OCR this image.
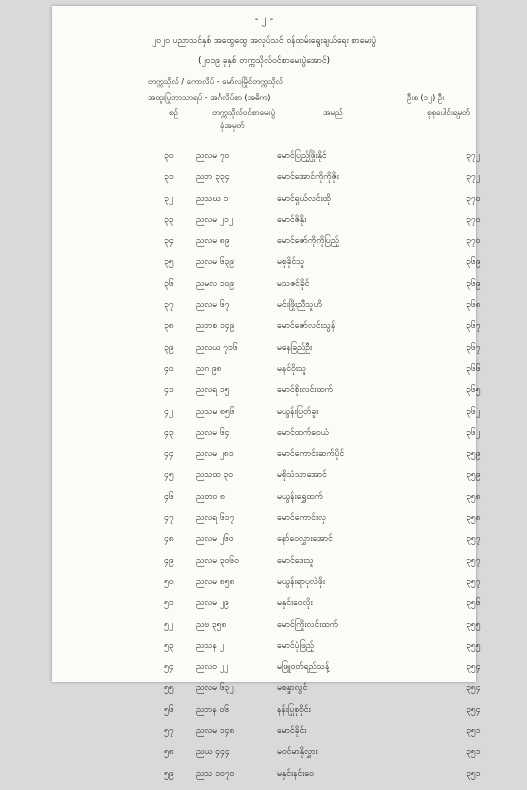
- ၂ -
၂၀၂၀ ပညာသင်နှစ် အထွေထွေ အလုပ်သင် ဝန်ထမ်းရွေးချယ်ရေး စာမေးပွဲ
(၂၀၁၉ ခုနှစ် တက္ကသိုလ်ဝင်စာမေးပွဲအောင်)
တက္ကသိုလ် / ကောလိပ် - မော်လမြိုင်တက္ကသိုလ်
အထူးပြုဘာသာရပ် - အင်္ဂလိပ်စာ (အဓိက)	ဦးစ (၁၂) ဦး
စဉ်	တက္ကသိုလ်ဝင်စာမေးပွဲ
ခုံအမှတ်
အမည်	စုစုပေါင်းရမှတ်
၃၀	ညလမ ၇၀	မောင်ပြည့်ဖြိုးနိုင်	၃၇၂
၃၁	ညဘ ၃၃၄	မောင်အောင်ကိုကိုဇိုး	၃၇၂
၃၂	ညသဃ ၁	မောင်ရှယ်လင်းထို	၃၇၀
၃၃	ညလမ ၂၁၂	မောင်ဇိနိုး	၃၇၀
၃၄	ညလမ ၈၉	မောင်ဇော်ကိုကိုပြည့်	၃၇၀
၃၅	ညလမ ၆၃၉	မစုခိုင်သူ	၃၆၉
၃၆	ညမလ ၁၀၉	မသဇင်ခိုင်	၃၆၉
၃၇	ညလမ ၆၇	မင်းဖြိုးညီသူဟိ	၃၆၈
၃၈	ညဘစ ၁၄၉	မောင်ဇော်လင်းသွန်	၃၆၇
၃၉	ညလယ ၇၁၆	မနေခြည်ဦး	၃၆၇
၄၀	ညဂ ၉၈	မနင်ဝိုးသူ	၃၆၆
၄၁	ညလရ ၁၅	မောင်စိုးလင်းထက်	၃၆၅
၄၂	ညသမ ၈၅၆	မယွန်းပြတ်ခူး	၃၆၂
၄၃	ညလမ ၆၄	မောင်ထက်ဝေယံ	၃၆၂
၄၄	ညလမ ၂၈၁	မောင်ကောင်းဆက်ပိုင်	၃၅၉
၄၅	ညသထ ၃၀	မစိုသံသာအောင်	၃၅၉
၄၆	ညတဝ ၈	မယွန်းရွှေထက်	၃၅၈
၄၇	ညလရ ၆၁၇	မောင်ကောင်းလှ	၃၅၈
၄၈	ညလမ ၂၆၀	နော်ဝေလွှားအောင်	၃၅၇
၄၉	ညလမ ၃၀၆၀	မောင်ဒေးသူ	၃၅၇
၅၀	ညလမ ၈၅၈	မယွန်းရာပုလဲဖိုး	၃၅၇
၅၁	ညလမ ၂၉	မနှင်းဝေလိုး	၃၅၆
၅၂	ညဗ ၃၅၈	မောင်ကြိုးလင်းထက်	၃၅၅
၅၃	ညသန ၂	မောင်ပုံဖြည့်	၃၅၅
၅၄	ညလ၀ ၂၂	မဖြူဝတ်ရည်သန့်	၃၅၄
၅၅	ညလမ ၆၃၂	မစန္ဒာလွင်	၃၅၄
၅၆	ညဘန ၀၆	နန်းပြုစုဝိုင်း	၃၅၄
၅၇	ညလမ ၁၄၈	မောင်ခိုင်း	၃၅၁
၅၈	ညယ ၄၄၄	မဝင်မာနိုလွှား	၃၅၁
၅၉	ညသ ၁၀၇၀	မနှင်းနင်းဝေ	၃၅၁
